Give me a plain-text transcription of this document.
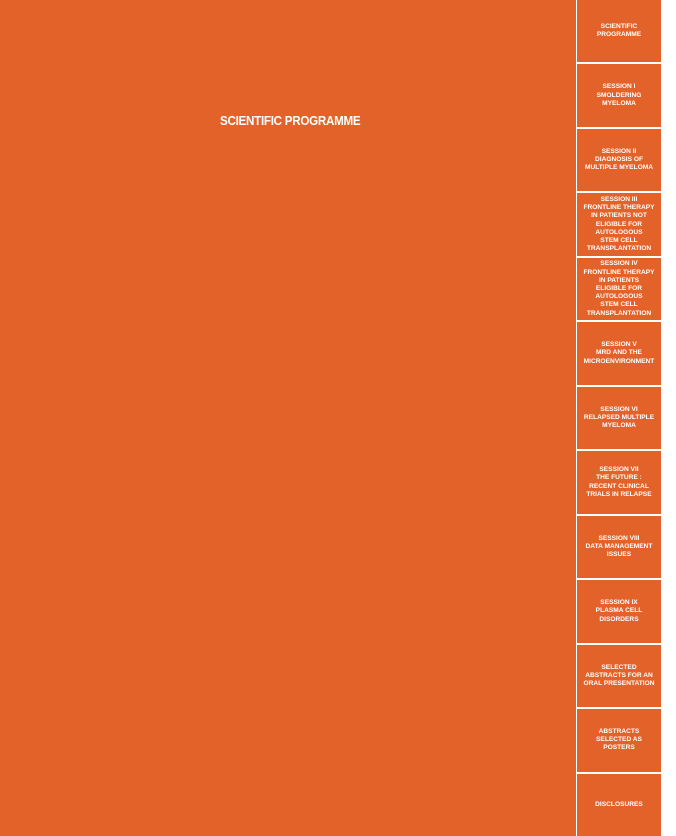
SCIENTIFIC PROGRAMME
SCIENTIFIC
PROGRAMME
SESSION I
SMOLDERING
MYELOMA
SESSION II
DIAGNOSIS OF
MULTIPLE MYELOMA
SESSION III
FRONTLINE THERAPY
IN PATIENTS NOT
ELIGIBLE FOR
AUTOLOGOUS
STEM CELL
TRANSPLANTATION
SESSION IV
FRONTLINE THERAPY
IN PATIENTS
ELIGIBLE FOR
AUTOLOGOUS
STEM CELL
TRANSPLANTATION
SESSION V
MRD AND THE
MICROENVIRONMENT
SESSION VI
RELAPSED MULTIPLE
MYELOMA
SESSION VII
THE FUTURE :
RECENT CLINICAL
TRIALS IN RELAPSE
SESSION VIII
DATA MANAGEMENT
ISSUES
SESSION IX
PLASMA CELL
DISORDERS
SELECTED
ABSTRACTS FOR AN
ORAL PRESENTATION
ABSTRACTS
SELECTED AS
POSTERS
DISCLOSURES
